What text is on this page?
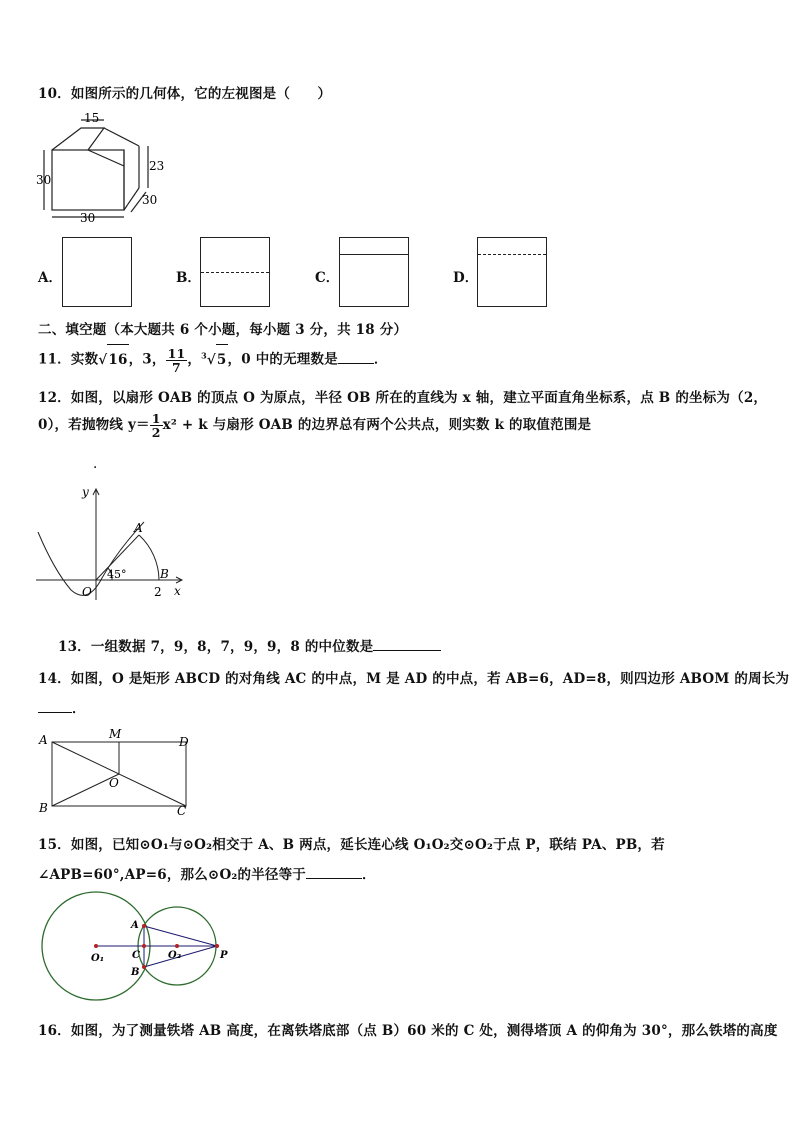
10．如图所示的几何体，它的左视图是（　　）
15
30
30
23
30
A．	B．	C．	D．
二、填空题（本大题共 6 个小题，每小题 3 分，共 18 分）
11．实数√16，3， $\frac{11}{7}$ ，$^3$√5，0 中的无理数是	．
12．如图，以扇形 OAB 的顶点 O 为原点，半径 OB 所在的直线为 x 轴，建立平面直角坐标系，点 B 的坐标为（2，
0），若抛物线 $y= \frac{1}{2} x^2 + k$ 与扇形 OAB 的边界总有两个公共点，则实数 k 的取值范围是
.
y
A
45°	B
O	2 x
13．一组数据 7，9，8，7，9，9，8 的中位数是
14．如图，O 是矩形 ABCD 的对角线 AC 的中点，M 是 AD 的中点，若 AB=6，AD=8，则四边形 ABOM 的周长为
．
A	M
D
O
B	C
15．如图，已知⊙O₁与⊙O₂相交于 A、B 两点，延长连心线 O₁O₂交⊙O₂于点 P，联结 PA、PB，若
∠APB=60°,AP=6，那么⊙O₂的半径等于	．
A
C	O₂	P
O₁
B
16．如图，为了测量铁塔 AB 高度，在离铁塔底部（点 B）60 米的 C 处，测得塔顶 A 的仰角为 30°，那么铁塔的高度
